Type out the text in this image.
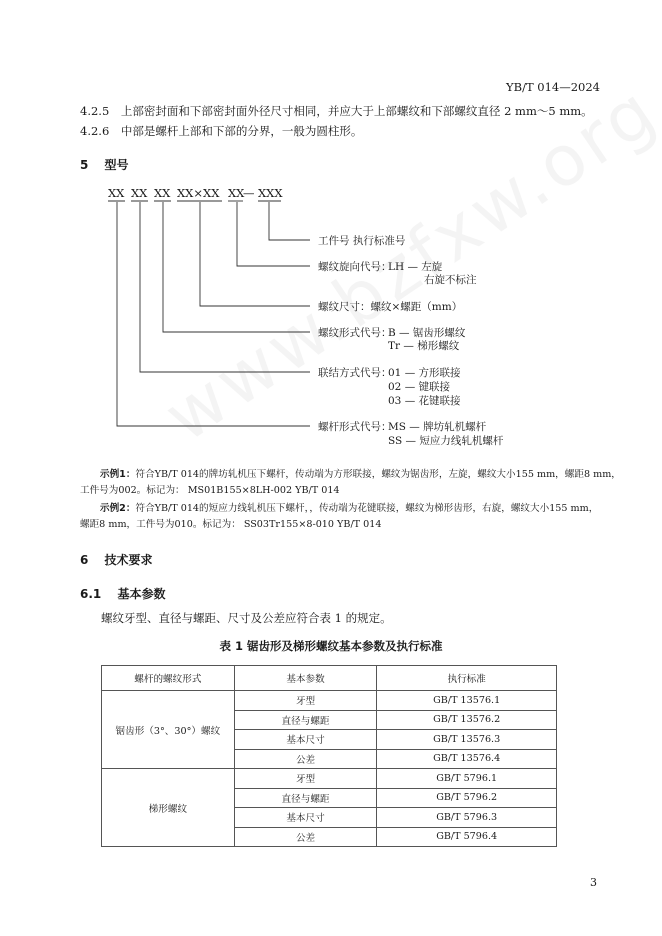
YB/T 014—2024
4.2.5 上部密封面和下部密封面外径尺寸相同，并应大于上部螺纹和下部螺纹直径 2 mm～5 mm。
4.2.6 中部是螺杆上部和下部的分界，一般为圆柱形。
5 型号
XX XX XX XX×XX XX
— XXX
工件号 执行标准号
螺纹旋向代号：
LH — 左旋
右旋不标注
螺纹尺寸：螺纹×螺距（mm）
螺纹形式代号：
B — 锯齿形螺纹
Tr — 梯形螺纹
联结方式代号：
01 — 方形联接
02 — 键联接
03 — 花键联接
螺杆形式代号：
MS — 牌坊轧机螺杆
SS — 短应力线轧机螺杆
示例1：符合YB/T 014的牌坊轧机压下螺杆，传动端为方形联接，螺纹为锯齿形，左旋，螺纹大小155 mm，螺距8 mm，
工件号为002。标记为： MS01B155×8LH-002 YB/T 014
示例2：符合YB/T 014的短应力线轧机压下螺杆，，传动端为花键联接，螺纹为梯形齿形，右旋，螺纹大小155 mm，
螺距8 mm，工件号为010。标记为： SS03Tr155×8-010 YB/T 014
6 技术要求
6.1 基本参数
螺纹牙型、直径与螺距、尺寸及公差应符合表 1 的规定。
表 1 锯齿形及梯形螺纹基本参数及执行标准
螺杆的螺纹形式	基本参数	执行标准
锯齿形（3°、30°）螺纹	牙型	GB/T 13576.1
	直径与螺距	GB/T 13576.2
	基本尺寸	GB/T 13576.3
	公差	GB/T 13576.4
梯形螺纹	牙型	GB/T 5796.1
	直径与螺距	GB/T 5796.2
	基本尺寸	GB/T 5796.3
	公差	GB/T 5796.4
3
